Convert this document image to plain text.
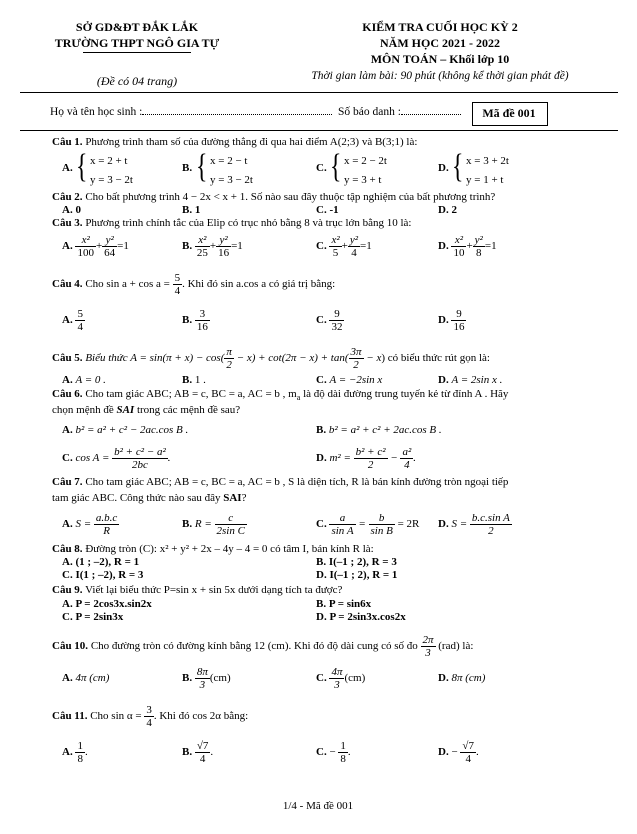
SỞ GD&ĐT ĐẮK LẮK
TRƯỜNG THPT NGÔ GIA TỰ
(Đề có 04 trang)
KIỂM TRA CUỐI HỌC KỲ 2
NĂM HỌC 2021 - 2022
MÔN TOÁN – Khối lớp 10
Thời gian làm bài: 90 phút (không kể thời gian phát đề)
Họ và tên học sinh :	Số báo danh :	Mã đề 001
Câu 1. Phương trình tham số của đường thẳng đi qua hai điểm A(2;3) và B(3;1) là:
A. { x = 2 + t
y = 3 − 2t
B. { x = 2 − t
y = 3 − 2t
C. { x = 2 − 2t
y = 3 + t
D. { x = 3 + 2t
y = 1 + t
Câu 2. Cho bất phương trình 4 − 2x < x + 1. Số nào sau đây thuộc tập nghiệm của bất phương trình?
A. 0	B. 1	C. -1	D. 2
Câu 3. Phương trình chính tắc của Elip có trục nhỏ bằng 8 và trục lớn bằng 10 là:
A. $\frac{\text{x²}}{100} + \frac{\text{y²}}{64} =1$	B. $\frac{\text{x²}}{25} + \frac{\text{y²}}{16} =1$	C. $\frac{\text{x²}}{5} + \frac{\text{y²}}{4} =1$	D. $\frac{\text{x²}}{10} + \frac{\text{y²}}{8} =1$
Câu 4. Cho $\sin a + \cos a = \frac{5}{4}$ . Khi đó sin a.cos a có giá trị bằng:
A. $\frac{5}{4}$	B. $\frac{3}{16}$	C. $\frac{9}{32}$	D. $\frac{9}{16}$
Câu 5. Biểu thức $A = \sin(\pi + x) - \cos( \frac{\pi}{2} - x) + \cot(2\pi - x) + \tan( \frac{3\pi}{2} - x)$ có biểu thức rút gọn là:
A. A = 0 .	B. 1 .	C. A = −2sin x	D. A = 2sin x .
Câu 6. Cho tam giác ABC; AB = c, BC = a, AC = b , $m_a$ là độ dài đường trung tuyến kẻ từ đỉnh A . Hãy
chọn mệnh đề SAI trong các mệnh đề sau?
A. b² = a² + c² − 2ac.cos B .	B. b² = a² + c² + 2ac.cos B .
C. $\cos A = \frac{\text{b² + c² − a²}}{2bc}$ .	D. $m^2 = \frac{\text{b² + c²}}{2} - \frac{\text{a²}}{4}$ .
Câu 7. Cho tam giác ABC; AB = c, BC = a, AC = b , S là diện tích, R là bán kính đường tròn ngoại tiếp
tam giác ABC. Công thức nào sau đây SAI?
A. $S = \frac{a.b.c}{R}$	B. $R = \frac{c}{\text{2sin C}}$	C. $\frac{a}{\text{sin A}} = \frac{b}{\text{sin B}} = 2R$ D. $S = \frac{\text{b.c.sin A}}{2}$
Câu 8. Đường tròn (C): x² + y² + 2x – 4y – 4 = 0 có tâm I, bán kính R là:
A. (1 ; –2), R = 1	B. I(–1 ; 2), R = 3
C. I(1 ; –2), R = 3	D. I(–1 ; 2), R = 1
Câu 9. Viết lại biểu thức P=sin x + sin 5x dưới dạng tích ta được?
A. P = 2cos3x.sin2x	B. P = sin6x
C. P = 2sin3x	D. P = 2sin3x.cos2x
Câu 10. Cho đường tròn có đường kính bằng 12 (cm). Khi đó độ dài cung có số đo $\frac{2\pi}{3} (rad)$ là:
A. 4π (cm)	B. $\frac{8\pi}{3} (cm)$	C. $\frac{4\pi}{3} (cm)$	D. 8π (cm)
Câu 11. Cho $\sin \alpha = \frac{3}{4}$ . Khi đó cos 2α bằng:
A. $\frac{1}{8}$ .	B. $\frac{√7}{4}$ .	C. − $\frac{1}{8}$ .	D. − $\frac{√7}{4}$ .
1/4 - Mã đề 001
